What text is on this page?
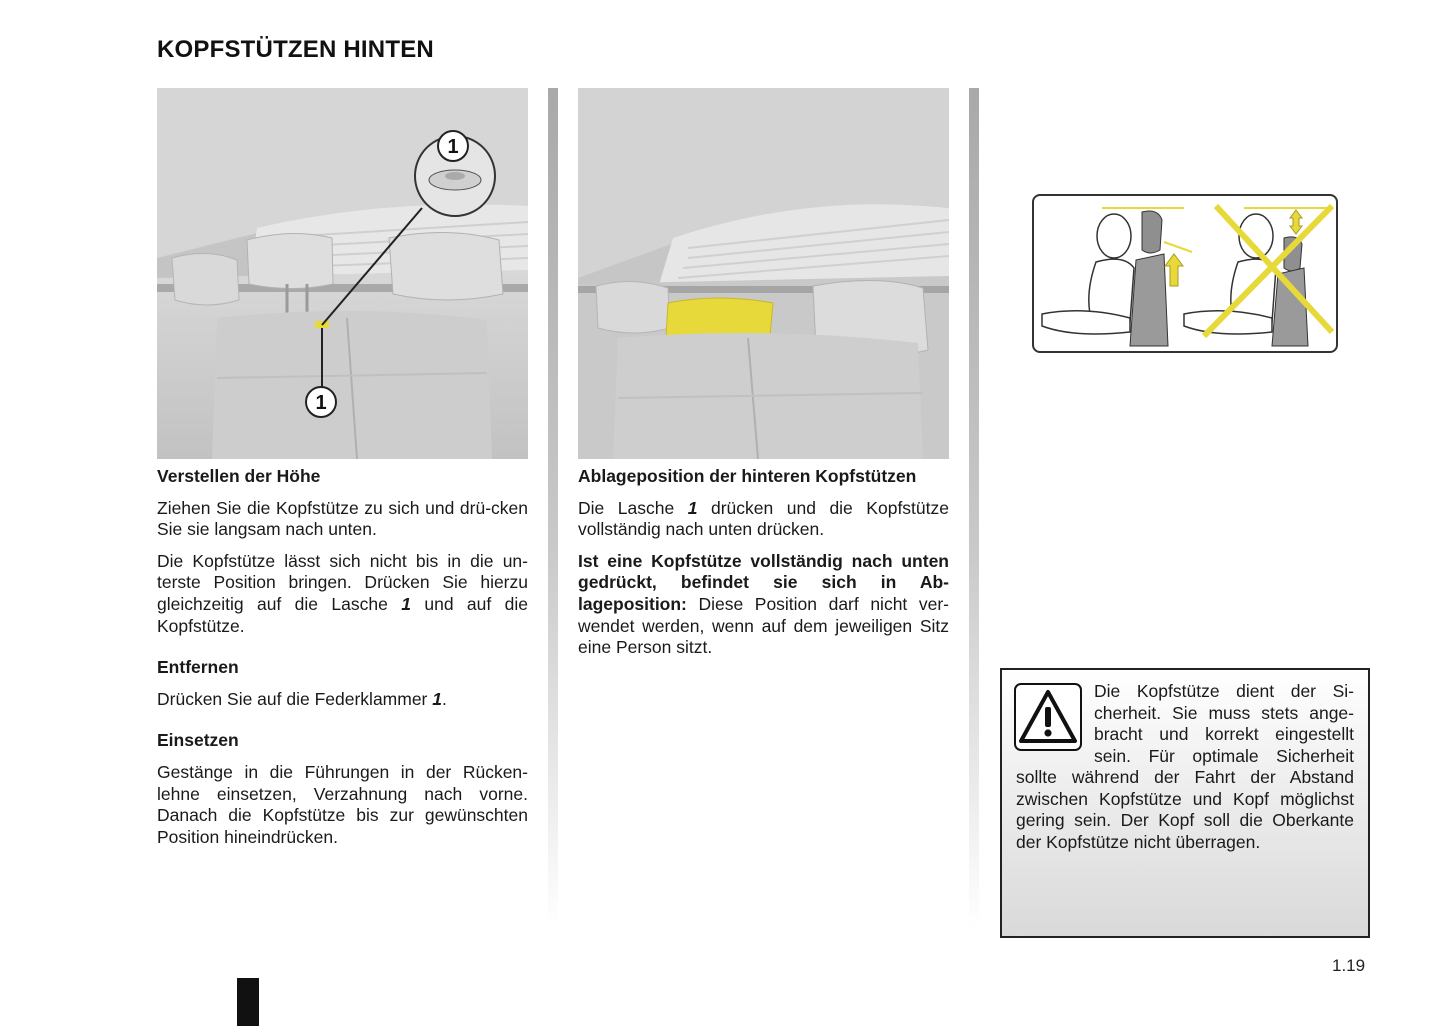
KOPFSTÜTZEN HINTEN
1
1
Verstellen der Höhe

Ziehen Sie die Kopfstütze zu sich und drü-cken Sie sie langsam nach unten.

Die Kopfstütze lässt sich nicht bis in die un-terste Position bringen. Drücken Sie hierzu gleichzeitig auf die Lasche 1 und auf die Kopfstütze.

Entfernen

Drücken Sie auf die Federklammer 1.

Einsetzen

Gestänge in die Führungen in der Rücken-lehne einsetzen, Verzahnung nach vorne. Danach die Kopfstütze bis zur gewünschten Position hineindrücken.

Ablageposition der hinteren Kopfstützen

Die Lasche 1 drücken und die Kopfstütze vollständig nach unten drücken.

Ist eine Kopfstütze vollständig nach unten gedrückt, befindet sie sich in Ab-lageposition: Diese Position darf nicht ver-wendet werden, wenn auf dem jeweiligen Sitz eine Person sitzt.

Die Kopfstütze dient der Si-cherheit. Sie muss stets ange-bracht und korrekt eingestellt sein. Für optimale Sicherheit sollte während der Fahrt der Abstand zwischen Kopfstütze und Kopf möglichst gering sein. Der Kopf soll die Oberkante der Kopfstütze nicht überragen.
1.19
